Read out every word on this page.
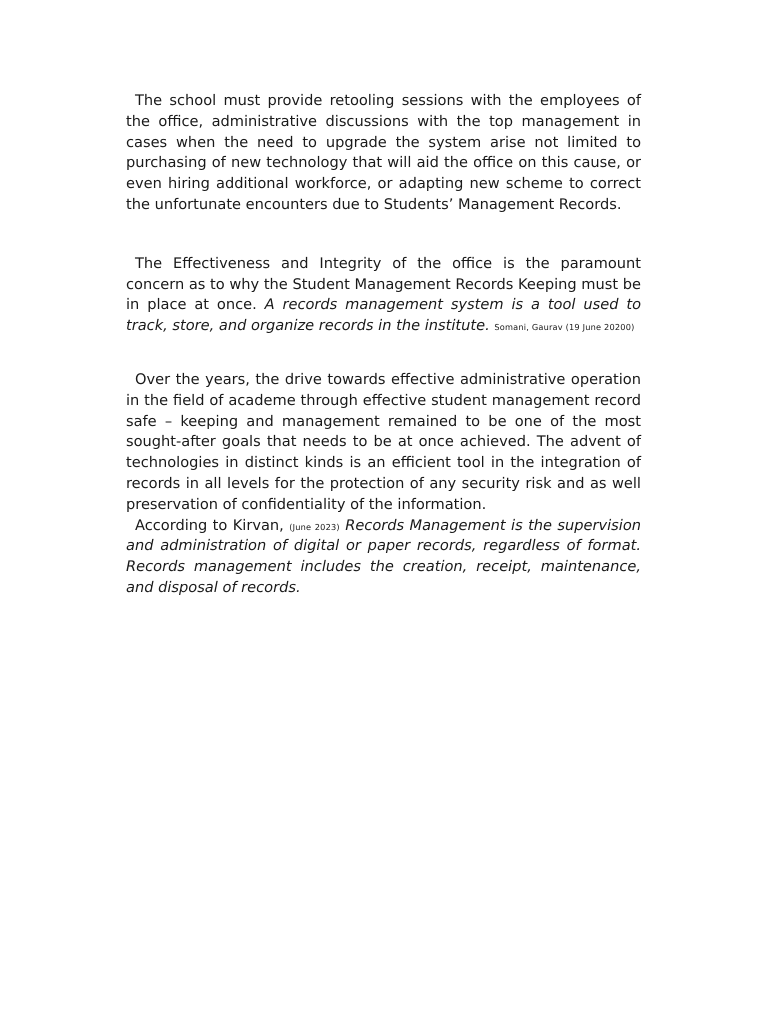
The school must provide retooling sessions with the employees of the office, administrative discussions with the top management in cases when the need to upgrade the system arise not limited to purchasing of new technology that will aid the office on this cause, or even hiring additional workforce, or adapting new scheme to correct the unfortunate encounters due to Students’ Management Records.

The Effectiveness and Integrity of the office is the paramount concern as to why the Student Management Records Keeping must be in place at once. A records management system is a tool used to track, store, and organize records in the institute. Somani, Gaurav (19 June 20200)

Over the years, the drive towards effective administrative operation in the field of academe through effective student management record safe – keeping and management remained to be one of the most sought-after goals that needs to be at once achieved. The advent of technologies in distinct kinds is an efficient tool in the integration of records in all levels for the protection of any security risk and as well preservation of confidentiality of the information.

According to Kirvan, (June 2023) Records Management is the supervision and administration of digital or paper records, regardless of format. Records management includes the creation, receipt, maintenance, and disposal of records.
